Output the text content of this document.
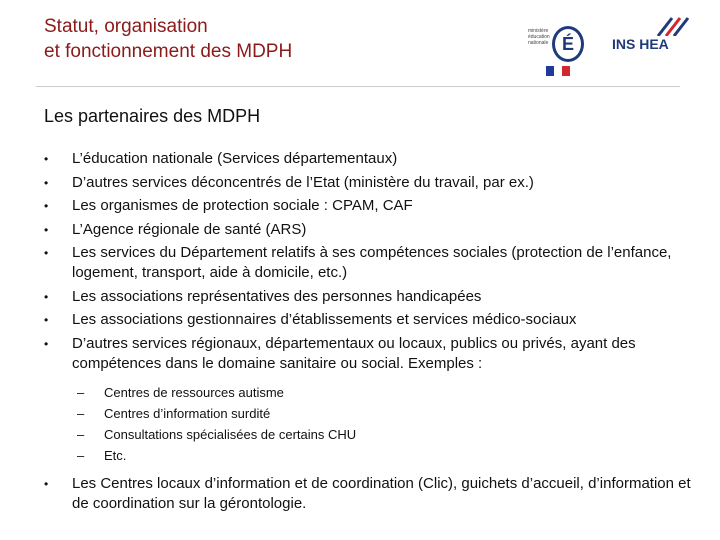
Statut, organisation
et fonctionnement des MDPH
ministère éducation nationale É	INS HEA
Les partenaires des MDPH
•	L’éducation nationale (Services départementaux)
•	D’autres services déconcentrés de l’Etat (ministère du travail, par ex.)
•	Les organismes de protection sociale : CPAM, CAF
•	L’Agence régionale de santé (ARS)
•	Les services du Département relatifs à ses compétences sociales (protection de l’enfance, logement, transport, aide à domicile, etc.)
•	Les associations représentatives des personnes handicapées
•	Les associations gestionnaires d’établissements et services médico-sociaux
•	D’autres services régionaux, départementaux ou locaux, publics ou privés, ayant des compétences dans le domaine sanitaire ou social. Exemples :
– Centres de ressources autisme
– Centres d’information surdité
– Consultations spécialisées de certains CHU
– Etc.
•	Les Centres locaux d’information et de coordination (Clic), guichets d’accueil, d’information et de coordination sur la gérontologie.
